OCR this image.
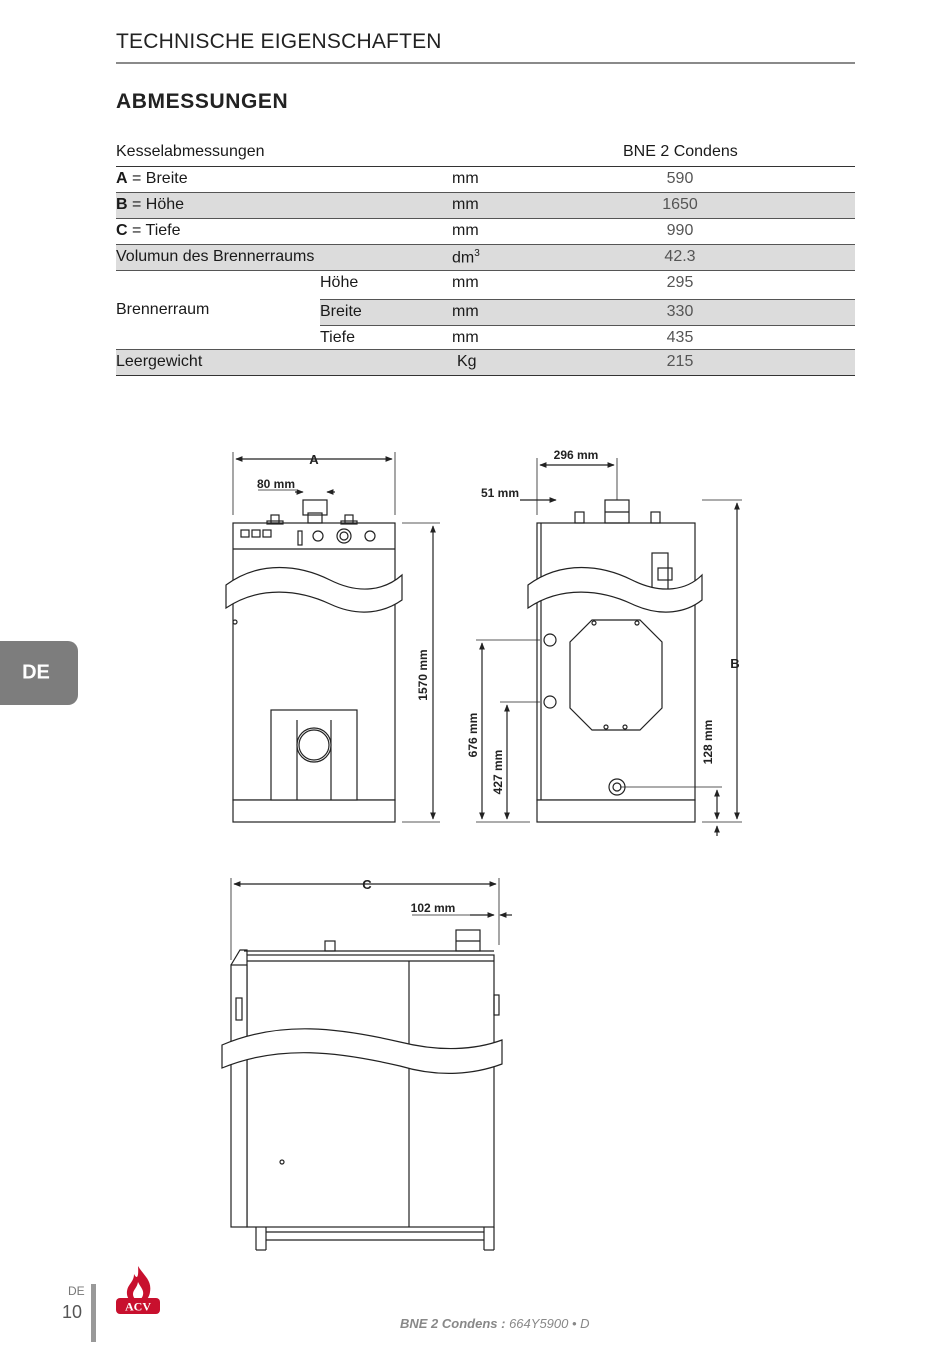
TECHNISCHE EIGENSCHAFTEN
ABMESSUNGEN
Kesselabmessungen	BNE 2 Condens
A = Breite	mm	590
B = Höhe	mm	1650
C = Tiefe	mm	990
Volumun des Brennerraums	$dm^3$	42.3
Brennerraum
Höhe	mm	295
Breite	mm	330
Tiefe	mm	435
Leergewicht	Kg	215
A
80 mm
1570 mm
296 mm
51 mm
B
676 mm
427 mm
128 mm
C
102 mm
DE
DE
10	ACV
BNE 2 Condens : 664Y5900 • D
